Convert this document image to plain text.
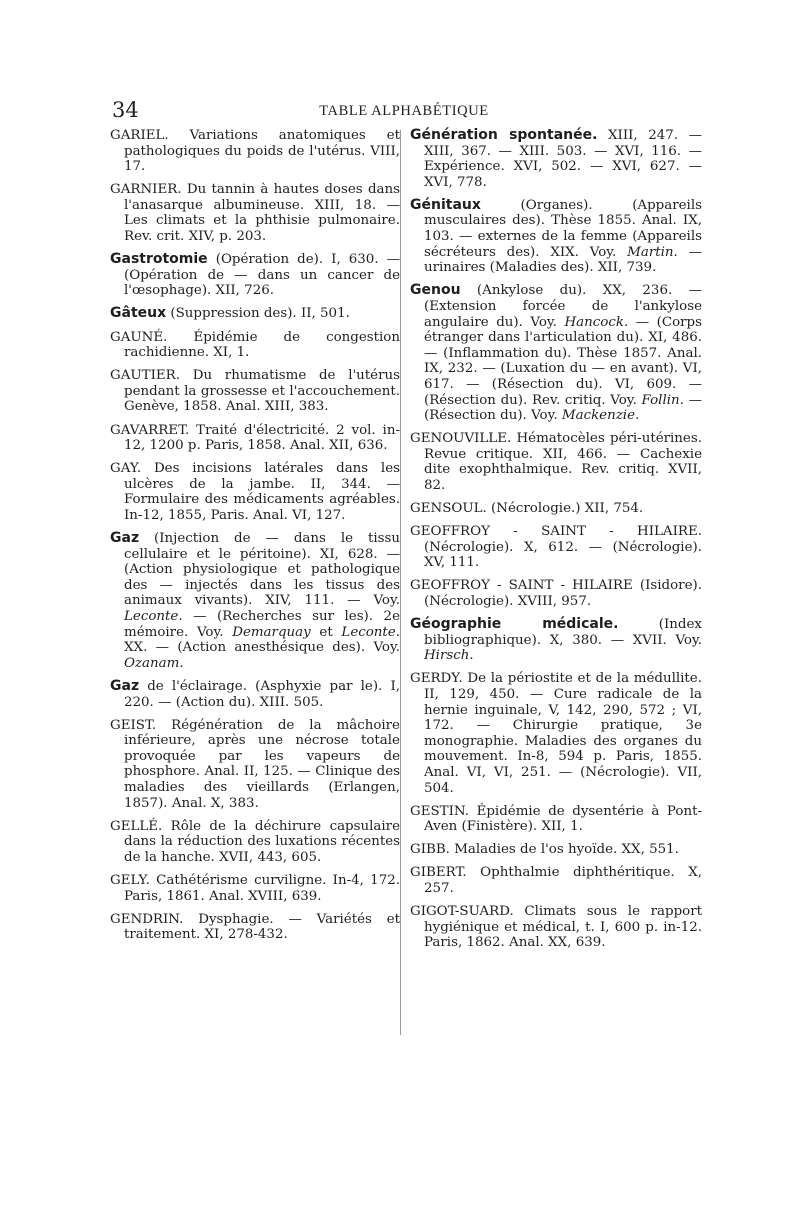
34	TABLE ALPHABÉTIQUE

GARIEL. Variations anatomiques et pathologiques du poids de l'utérus. VIII, 17.

GARNIER. Du tannin à hautes doses dans l'anasarque albumineuse. XIII, 18. — Les climats et la phthisie pulmonaire. Rev. crit. XIV, p. 203.

Gastrotomie (Opération de). I, 630. — (Opération de — dans un cancer de l'œsophage). XII, 726.

Gâteux (Suppression des). II, 501.

GAUNÉ. Épidémie de congestion rachidienne. XI, 1.

GAUTIER. Du rhumatisme de l'utérus pendant la grossesse et l'accouchement. Genève, 1858. Anal. XIII, 383.

GAVARRET. Traité d'électricité. 2 vol. in-12, 1200 p. Paris, 1858. Anal. XII, 636.

GAY. Des incisions latérales dans les ulcères de la jambe. II, 344. — Formulaire des médicaments agréables. In-12, 1855, Paris. Anal. VI, 127.

Gaz (Injection de — dans le tissu cellulaire et le péritoine). XI, 628. — (Action physiologique et pathologique des — injectés dans les tissus des animaux vivants). XIV, 111. — Voy. Leconte. — (Recherches sur les). 2e mémoire. Voy. Demarquay et Leconte. XX. — (Action anesthésique des). Voy. Ozanam.

Gaz de l'éclairage. (Asphyxie par le). I, 220. — (Action du). XIII. 505.

GEIST. Régénération de la mâchoire inférieure, après une nécrose totale provoquée par les vapeurs de phosphore. Anal. II, 125. — Clinique des maladies des vieillards (Erlangen, 1857). Anal. X, 383.

GELLÉ. Rôle de la déchirure capsulaire dans la réduction des luxations récentes de la hanche. XVII, 443, 605.

GELY. Cathétérisme curviligne. In-4, 172. Paris, 1861. Anal. XVIII, 639.

GENDRIN. Dysphagie. — Variétés et traitement. XI, 278-432.

Génération spontanée. XIII, 247. — XIII, 367. — XIII. 503. — XVI, 116. — Expérience. XVI, 502. — XVI, 627. — XVI, 778.

Génitaux (Organes). (Appareils musculaires des). Thèse 1855. Anal. IX, 103. — externes de la femme (Appareils sécréteurs des). XIX. Voy. Martin. — urinaires (Maladies des). XII, 739.

Genou (Ankylose du). XX, 236. — (Extension forcée de l'ankylose angulaire du). Voy. Hancock. — (Corps étranger dans l'articulation du). XI, 486. — (Inflammation du). Thèse 1857. Anal. IX, 232. — (Luxation du — en avant). VI, 617. — (Résection du). VI, 609. — (Résection du). Rev. critiq. Voy. Follin. — (Résection du). Voy. Mackenzie.

GENOUVILLE. Hématocèles péri-utérines. Revue critique. XII, 466. — Cachexie dite exophthalmique. Rev. critiq. XVII, 82.

GENSOUL. (Nécrologie.) XII, 754.

GEOFFROY - SAINT - HILAIRE. (Nécrologie). X, 612. — (Nécrologie). XV, 111.

GEOFFROY - SAINT - HILAIRE (Isidore). (Nécrologie). XVIII, 957.

Géographie médicale. (Index bibliographique). X, 380. — XVII. Voy. Hirsch.

GERDY. De la périostite et de la médullite. II, 129, 450. — Cure radicale de la hernie inguinale, V, 142, 290, 572 ; VI, 172. — Chirurgie pratique, 3e monographie. Maladies des organes du mouvement. In-8, 594 p. Paris, 1855. Anal. VI, VI, 251. — (Nécrologie). VII, 504.

GESTIN. Épidémie de dysentérie à Pont-Aven (Finistère). XII, 1.

GIBB. Maladies de l'os hyoïde. XX, 551.

GIBERT. Ophthalmie diphthéritique. X, 257.

GIGOT-SUARD. Climats sous le rapport hygiénique et médical, t. I, 600 p. in-12. Paris, 1862. Anal. XX, 639.
